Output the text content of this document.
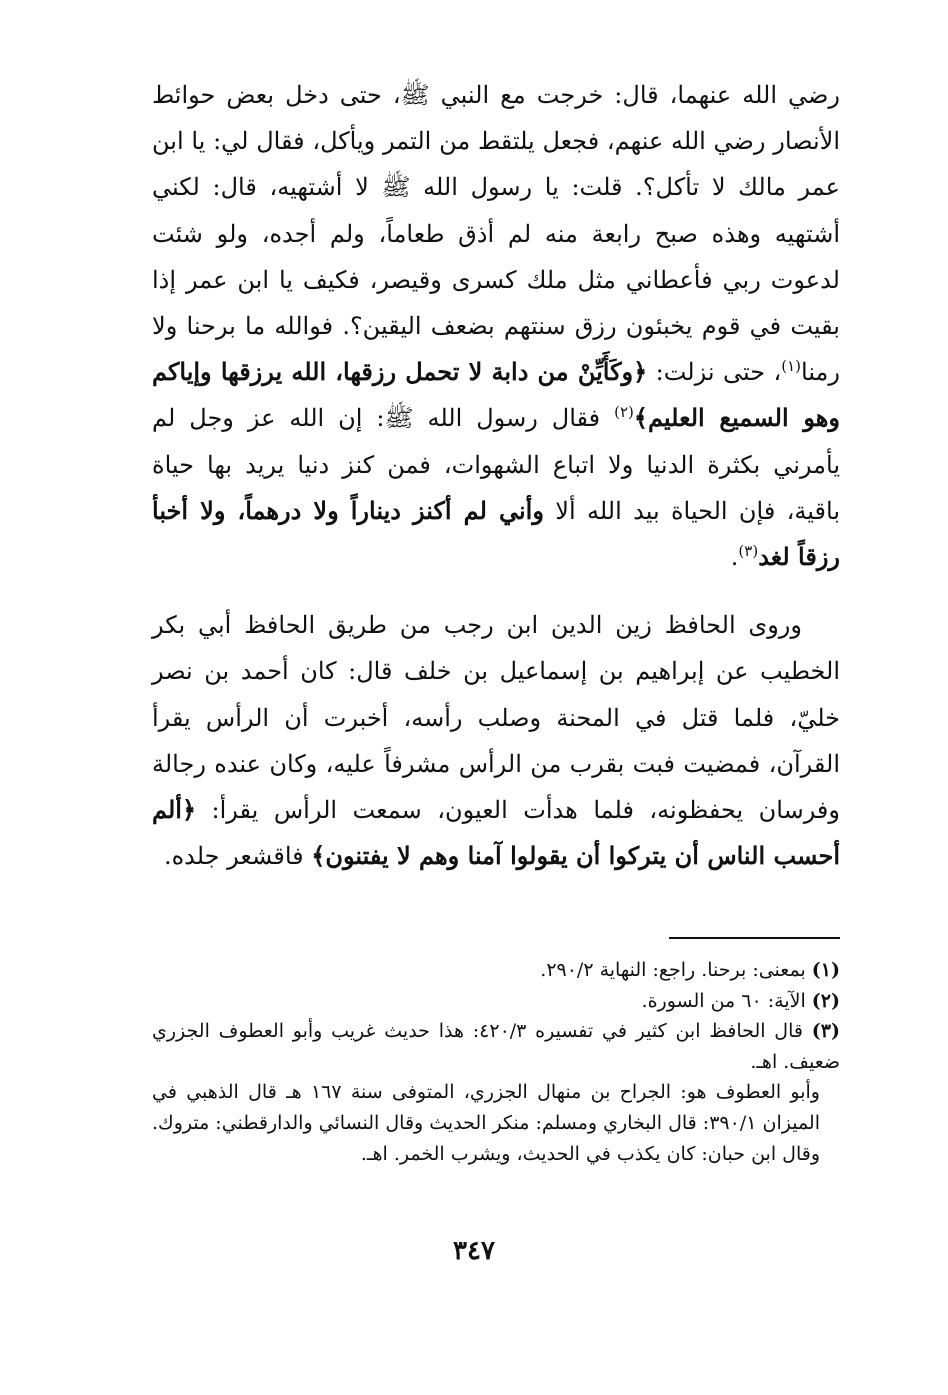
رضي الله عنهما، قال: خرجت مع النبي ﷺ، حتى دخل بعض حوائط الأنصار رضي الله عنهم، فجعل يلتقط من التمر ويأكل، فقال لي: يا ابن عمر مالك لا تأكل؟. قلت: يا رسول الله ﷺ لا أشتهيه، قال: لكني أشتهيه وهذه صبح رابعة منه لم أذق طعاماً، ولم أجده، ولو شئت لدعوت ربي فأعطاني مثل ملك كسرى وقيصر، فكيف يا ابن عمر إذا بقيت في قوم يخبئون رزق سنتهم بضعف اليقين؟. فوالله ما برحنا ولا رمنا$^{(١)}$، حتى نزلت: ﴿وكَأَيِّنْ من دابة لا تحمل رزقها، الله يرزقها وإياكم وهو السميع العليم﴾$^{(٢)}$ فقال رسول الله ﷺ: إن الله عز وجل لم يأمرني بكثرة الدنيا ولا اتباع الشهوات، فمن كنز دنيا يريد بها حياة باقية، فإن الحياة بيد الله ألا وأني لم أكنز ديناراً ولا درهماً، ولا أخبأ رزقاً لغد$^{(٣)}$.

وروى الحافظ زين الدين ابن رجب من طريق الحافظ أبي بكر الخطيب عن إبراهيم بن إسماعيل بن خلف قال: كان أحمد بن نصر خليّ، فلما قتل في المحنة وصلب رأسه، أخبرت أن الرأس يقرأ القرآن، فمضيت فبت بقرب من الرأس مشرفاً عليه، وكان عنده رجالة وفرسان يحفظونه، فلما هدأت العيون، سمعت الرأس يقرأ: ﴿ألم أحسب الناس أن يتركوا أن يقولوا آمنا وهم لا يفتنون﴾ فاقشعر جلده.

(١) بمعنى: برحنا. راجع: النهاية ٢٩٠/٢.
(٢) الآية: ٦٠ من السورة.
(٣) قال الحافظ ابن كثير في تفسيره ٤٢٠/٣: هذا حديث غريب وأبو العطوف الجزري ضعيف. اهـ.
وأبو العطوف هو: الجراح بن منهال الجزري، المتوفى سنة ١٦٧ هـ قال الذهبي في الميزان ٣٩٠/١: قال البخاري ومسلم: منكر الحديث وقال النسائي والدارقطني: متروك. وقال ابن حبان: كان يكذب في الحديث، ويشرب الخمر. اهـ.
٣٤٧
